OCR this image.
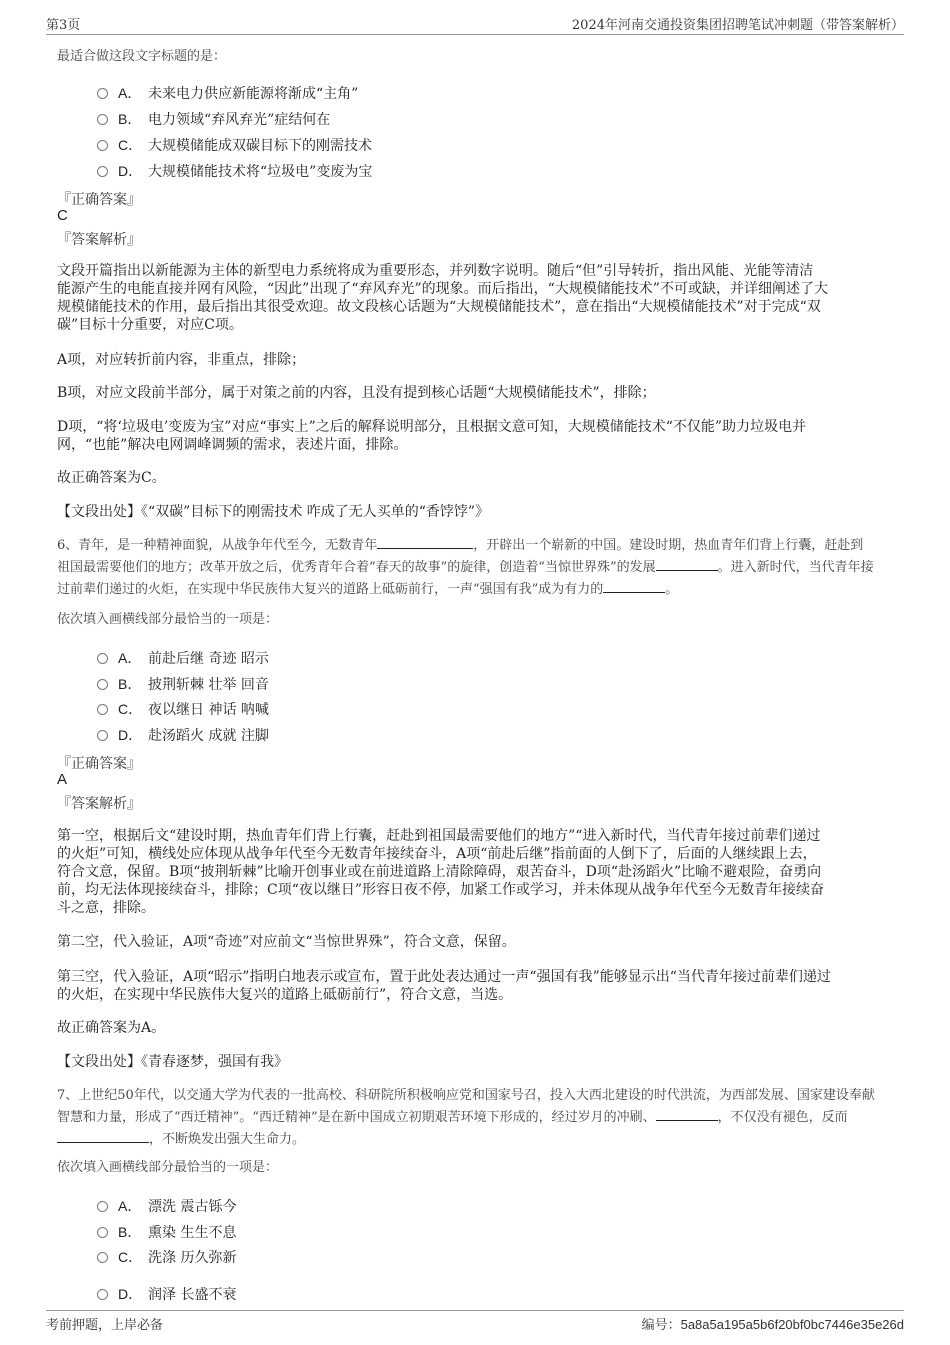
第3页	2024年河南交通投资集团招聘笔试冲刺题（带答案解析）
最适合做这段文字标题的是：
A． 未来电力供应新能源将渐成“主角”
B． 电力领域“弃风弃光”症结何在
C． 大规模储能成双碳目标下的刚需技术
D． 大规模储能技术将“垃圾电”变废为宝
『正确答案』
C
『答案解析』
文段开篇指出以新能源为主体的新型电力系统将成为重要形态，并列数字说明。随后“但”引导转折，指出风能、光能等清洁
能源产生的电能直接并网有风险，“因此”出现了“弃风弃光”的现象。而后指出，“大规模储能技术”不可或缺，并详细阐述了大
规模储能技术的作用，最后指出其很受欢迎。故文段核心话题为“大规模储能技术”，意在指出“大规模储能技术”对于完成“双
碳”目标十分重要，对应C项。
A项，对应转折前内容，非重点，排除；
B项，对应文段前半部分，属于对策之前的内容，且没有提到核心话题“大规模储能技术”，排除；
D项，“将‘垃圾电’变废为宝”对应“事实上”之后的解释说明部分，且根据文意可知，大规模储能技术“不仅能”助力垃圾电并
网，“也能”解决电网调峰调频的需求，表述片面，排除。
故正确答案为C。
【文段出处】《“双碳”目标下的刚需技术 咋成了无人买单的“香饽饽”》
6、青年，是一种精神面貌，从战争年代至今，无数青年	，开辟出一个崭新的中国。建设时期，热血青年们背上行囊，赶赴到
祖国最需要他们的地方；改革开放之后，优秀青年合着“春天的故事”的旋律，创造着“当惊世界殊”的发展	。进入新时代，当代青年接
过前辈们递过的火炬，在实现中华民族伟大复兴的道路上砥砺前行，一声“强国有我”成为有力的	。
依次填入画横线部分最恰当的一项是：
A． 前赴后继 奇迹 昭示
B． 披荆斩棘 壮举 回音
C． 夜以继日 神话 呐喊
D． 赴汤蹈火 成就 注脚
『正确答案』
A
『答案解析』
第一空，根据后文“建设时期，热血青年们背上行囊，赶赴到祖国最需要他们的地方”“进入新时代，当代青年接过前辈们递过
的火炬”可知，横线处应体现从战争年代至今无数青年接续奋斗，A项“前赴后继”指前面的人倒下了，后面的人继续跟上去，
符合文意，保留。B项“披荆斩棘”比喻开创事业或在前进道路上清除障碍，艰苦奋斗，D项“赴汤蹈火”比喻不避艰险，奋勇向
前，均无法体现接续奋斗，排除；C项“夜以继日”形容日夜不停，加紧工作或学习，并未体现从战争年代至今无数青年接续奋
斗之意，排除。
第二空，代入验证，A项“奇迹”对应前文“当惊世界殊”，符合文意，保留。
第三空，代入验证，A项“昭示”指明白地表示或宣布，置于此处表达通过一声“强国有我”能够显示出“当代青年接过前辈们递过
的火炬，在实现中华民族伟大复兴的道路上砥砺前行”，符合文意，当选。
故正确答案为A。
【文段出处】《青春逐梦，强国有我》
7、上世纪50年代，以交通大学为代表的一批高校、科研院所积极响应党和国家号召，投入大西北建设的时代洪流，为西部发展、国家建设奉献
智慧和力量，形成了“西迁精神”。“西迁精神”是在新中国成立初期艰苦环境下形成的，经过岁月的冲刷、	，不仅没有褪色，反而
，不断焕发出强大生命力。
依次填入画横线部分最恰当的一项是：
A． 漂洗 震古铄今
B． 熏染 生生不息
C． 洗涤 历久弥新
D． 润泽 长盛不衰
考前押题，上岸必备	编号：5a8a5a195a5b6f20bf0bc7446e35e26d
